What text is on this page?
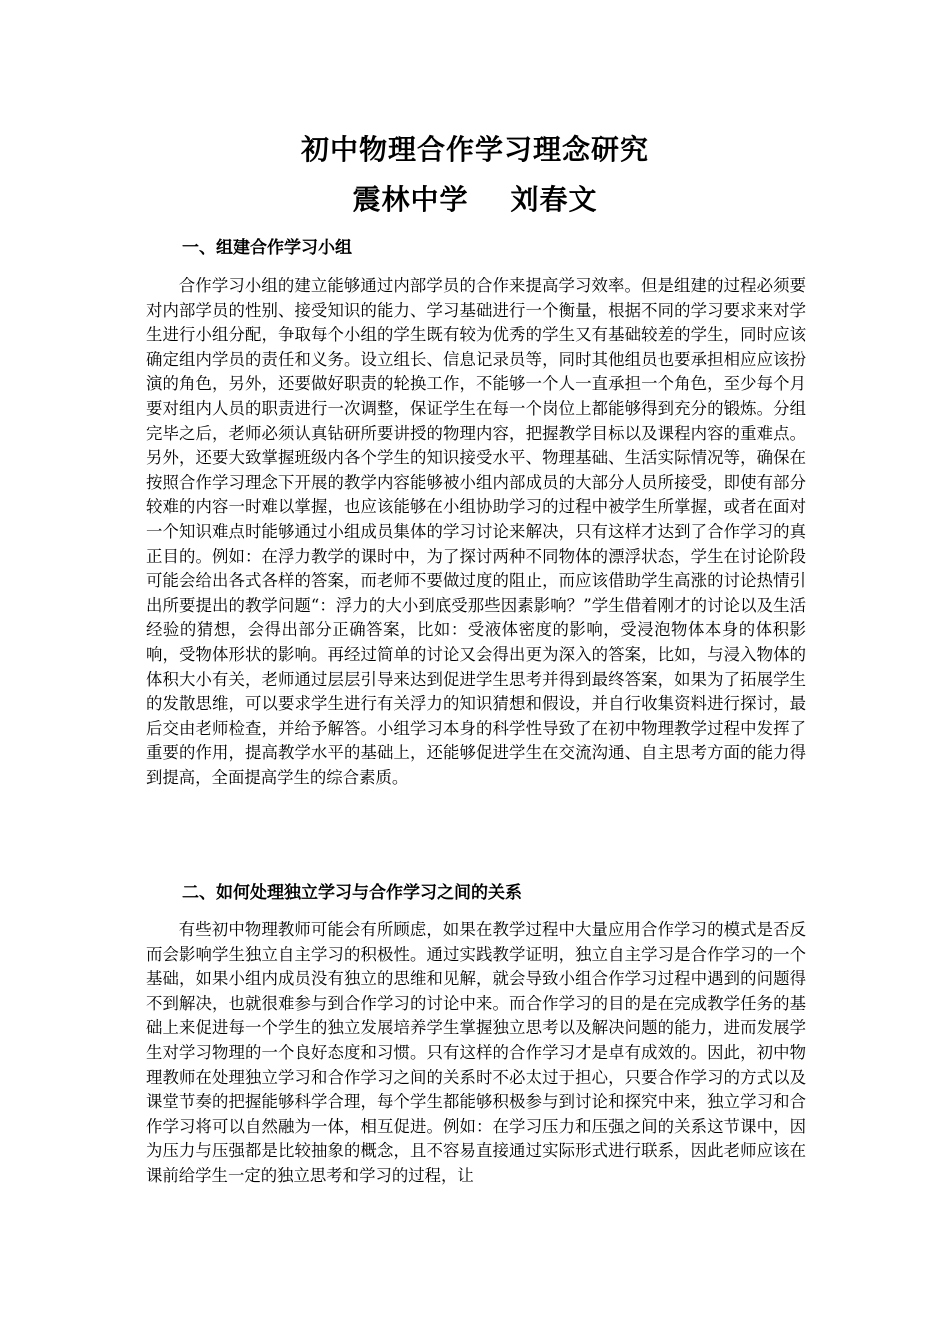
初中物理合作学习理念研究
震林中学 刘春文
一、组建合作学习小组
合作学习小组的建立能够通过内部学员的合作来提高学习效率。但是组建的过程必须要对内部学员的性别、接受知识的能力、学习基础进行一个衡量，根据不同的学习要求来对学生进行小组分配，争取每个小组的学生既有较为优秀的学生又有基础较差的学生，同时应该确定组内学员的责任和义务。设立组长、信息记录员等，同时其他组员也要承担相应应该扮演的角色，另外，还要做好职责的轮换工作，不能够一个人一直承担一个角色，至少每个月要对组内人员的职责进行一次调整，保证学生在每一个岗位上都能够得到充分的锻炼。分组完毕之后，老师必须认真钻研所要讲授的物理内容，把握教学目标以及课程内容的重难点。另外，还要大致掌握班级内各个学生的知识接受水平、物理基础、生活实际情况等，确保在按照合作学习理念下开展的教学内容能够被小组内部成员的大部分人员所接受，即使有部分较难的内容一时难以掌握，也应该能够在小组协助学习的过程中被学生所掌握，或者在面对一个知识难点时能够通过小组成员集体的学习讨论来解决，只有这样才达到了合作学习的真正目的。例如：在浮力教学的课时中，为了探讨两种不同物体的漂浮状态，学生在讨论阶段可能会给出各式各样的答案，而老师不要做过度的阻止，而应该借助学生高涨的讨论热情引出所要提出的教学问题“：浮力的大小到底受那些因素影响？”学生借着刚才的讨论以及生活经验的猜想，会得出部分正确答案，比如：受液体密度的影响，受浸泡物体本身的体积影响，受物体形状的影响。再经过简单的讨论又会得出更为深入的答案，比如，与浸入物体的体积大小有关，老师通过层层引导来达到促进学生思考并得到最终答案，如果为了拓展学生的发散思维，可以要求学生进行有关浮力的知识猜想和假设，并自行收集资料进行探讨，最后交由老师检查，并给予解答。小组学习本身的科学性导致了在初中物理教学过程中发挥了重要的作用，提高教学水平的基础上，还能够促进学生在交流沟通、自主思考方面的能力得到提高，全面提高学生的综合素质。
二、如何处理独立学习与合作学习之间的关系
有些初中物理教师可能会有所顾虑，如果在教学过程中大量应用合作学习的模式是否反而会影响学生独立自主学习的积极性。通过实践教学证明，独立自主学习是合作学习的一个基础，如果小组内成员没有独立的思维和见解，就会导致小组合作学习过程中遇到的问题得不到解决，也就很难参与到合作学习的讨论中来。而合作学习的目的是在完成教学任务的基础上来促进每一个学生的独立发展培养学生掌握独立思考以及解决问题的能力，进而发展学生对学习物理的一个良好态度和习惯。只有这样的合作学习才是卓有成效的。因此，初中物理教师在处理独立学习和合作学习之间的关系时不必太过于担心，只要合作学习的方式以及课堂节奏的把握能够科学合理，每个学生都能够积极参与到讨论和探究中来，独立学习和合作学习将可以自然融为一体，相互促进。例如：在学习压力和压强之间的关系这节课中，因为压力与压强都是比较抽象的概念，且不容易直接通过实际形式进行联系，因此老师应该在课前给学生一定的独立思考和学习的过程，让
